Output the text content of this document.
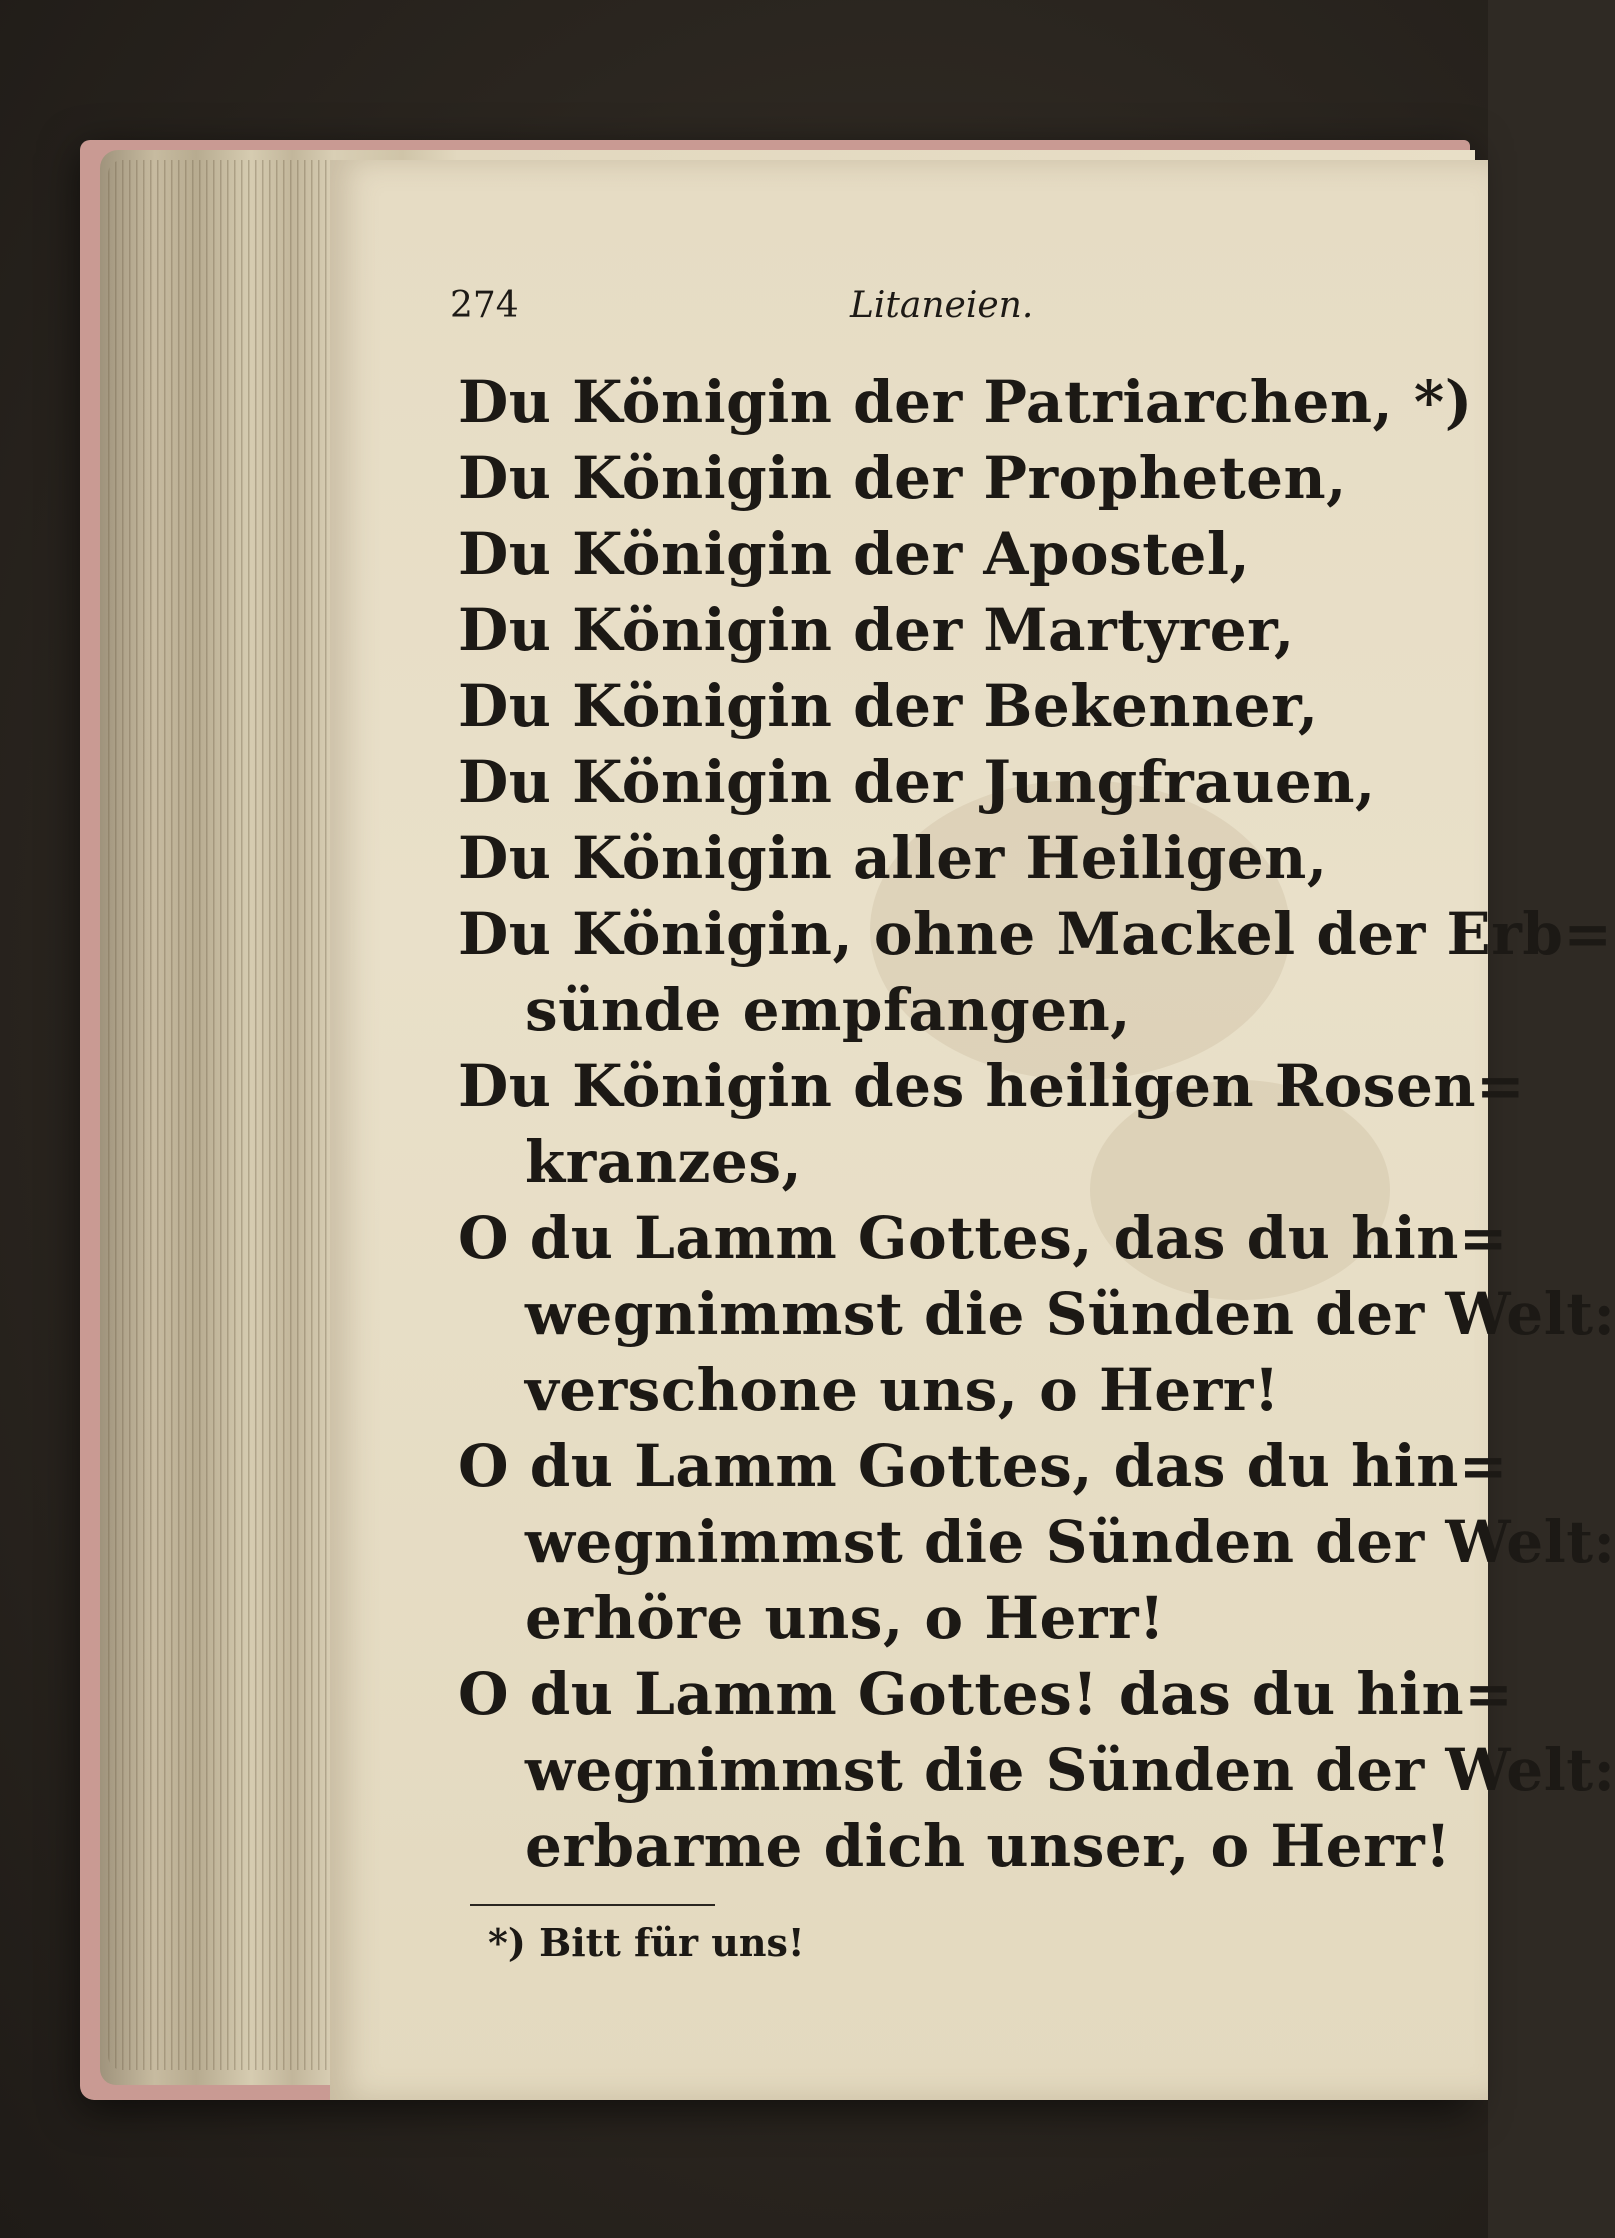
274	Litaneien.
Du Königin der Patriarchen, *)
Du Königin der Propheten,
Du Königin der Apostel,
Du Königin der Martyrer,
Du Königin der Bekenner,
Du Königin der Jungfrauen,
Du Königin aller Heiligen,
Du Königin, ohne Mackel der Erb=
sünde empfangen,
Du Königin des heiligen Rosen=
kranzes,
O du Lamm Gottes, das du hin=
wegnimmst die Sünden der Welt:
verschone uns, o Herr!
O du Lamm Gottes, das du hin=
wegnimmst die Sünden der Welt:
erhöre uns, o Herr!
O du Lamm Gottes! das du hin=
wegnimmst die Sünden der Welt:
erbarme dich unser, o Herr!
*) Bitt für uns!
